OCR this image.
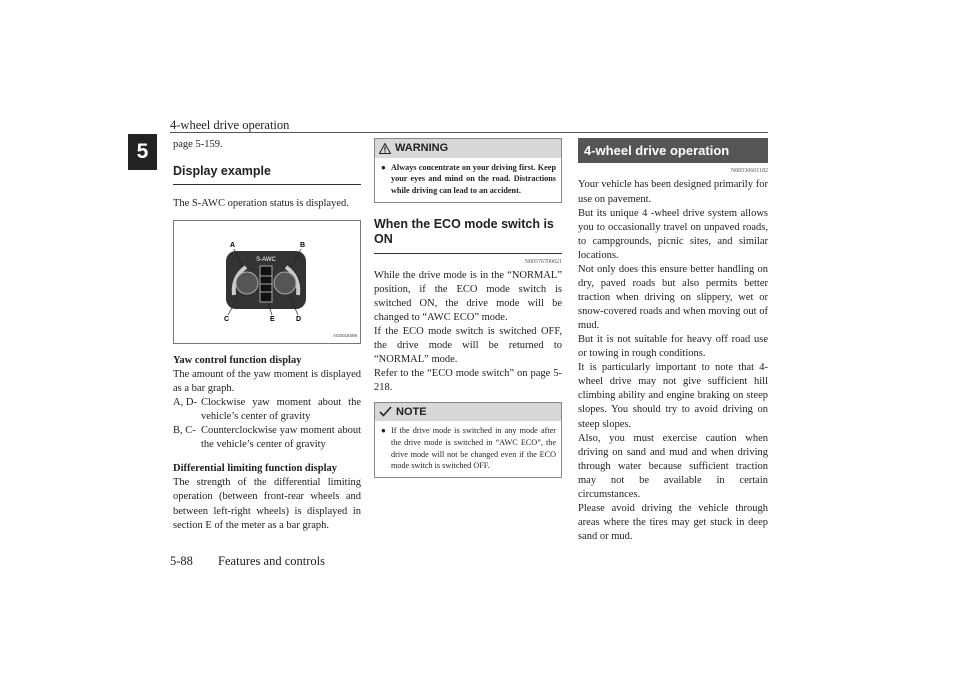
4-wheel drive operation
5	page 5-159.

Display example

The S-AWC operation status is displayed.

S-AWC
A	B
C	E	D
AG0018499

Yaw control function display

The amount of the yaw moment is displayed as a bar graph.

A, D- Clockwise yaw moment about the vehicle’s center of gravity
B, C- Counterclockwise yaw moment about the vehicle’s center of gravity

Differential limiting function display

The strength of the differential limiting operation (between front-rear wheels and between left-right wheels) is displayed in section E of the meter as a bar graph.

WARNING
● Always concentrate on your driving first. Keep your eyes and mind on the road. Distractions while driving can lead to an accident.
When the ECO mode switch is ON
N00576700021

While the drive mode is in the “NORMAL” position, if the ECO mode switch is switched ON, the drive mode will be changed to “AWC ECO” mode.

If the ECO mode switch is switched OFF, the drive mode will be returned to “NORMAL” mode.

Refer to the “ECO mode switch” on page 5-218.

NOTE
● If the drive mode is switched in any mode after the drive mode is switched in “AWC ECO”, the drive mode will not be changed even if the ECO mode switch is switched OFF.
4-wheel drive operation
N00530601182

Your vehicle has been designed primarily for use on pavement.

But its unique 4 -wheel drive system allows you to occasionally travel on unpaved roads, to campgrounds, picnic sites, and similar locations.

Not only does this ensure better handling on dry, paved roads but also permits better traction when driving on slippery, wet or snow-covered roads and when moving out of mud.

But it is not suitable for heavy off road use or towing in rough conditions.

It is particularly important to note that 4-wheel drive may not give sufficient hill climbing ability and engine braking on steep slopes. You should try to avoid driving on steep slopes.

Also, you must exercise caution when driving on sand and mud and when driving through water because sufficient traction may not be available in certain circumstances.

Please avoid driving the vehicle through areas where the tires may get stuck in deep sand or mud.

5-88 Features and controls
